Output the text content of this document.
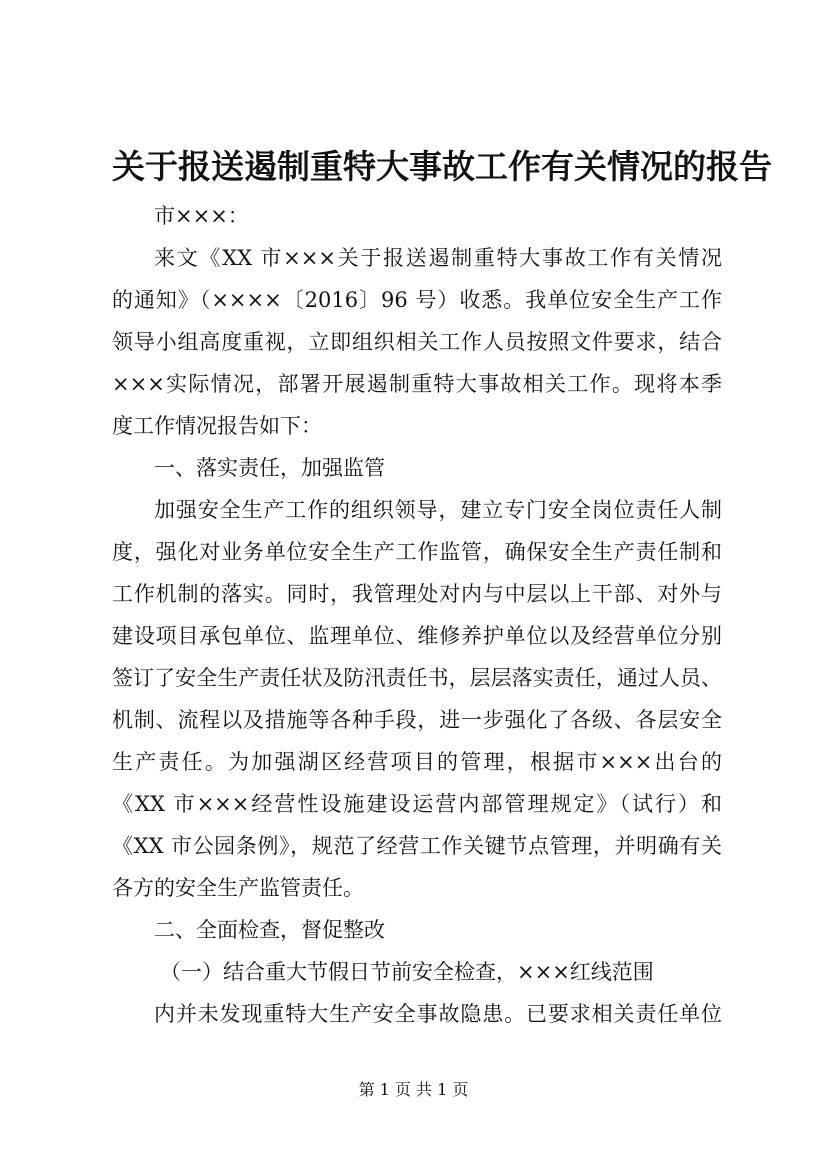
关于报送遏制重特大事故工作有关情况的报告
市×××：
来文《XX 市×××关于报送遏制重特大事故工作有关情况
的通知》（××××〔2016〕96 号）收悉。我单位安全生产工作
领导小组高度重视，立即组织相关工作人员按照文件要求，结合
×××实际情况，部署开展遏制重特大事故相关工作。现将本季
度工作情况报告如下：
一、落实责任，加强监管
加强安全生产工作的组织领导，建立专门安全岗位责任人制
度，强化对业务单位安全生产工作监管，确保安全生产责任制和
工作机制的落实。同时，我管理处对内与中层以上干部、对外与
建设项目承包单位、监理单位、维修养护单位以及经营单位分别
签订了安全生产责任状及防汛责任书，层层落实责任，通过人员、
机制、流程以及措施等各种手段，进一步强化了各级、各层安全
生产责任。为加强湖区经营项目的管理，根据市×××出台的
《XX 市×××经营性设施建设运营内部管理规定》（试行）和
《XX 市公园条例》，规范了经营工作关键节点管理，并明确有关
各方的安全生产监管责任。
二、全面检查，督促整改
（一）结合重大节假日节前安全检查，×××红线范围
内并未发现重特大生产安全事故隐患。已要求相关责任单位
第 1 页 共 1 页
